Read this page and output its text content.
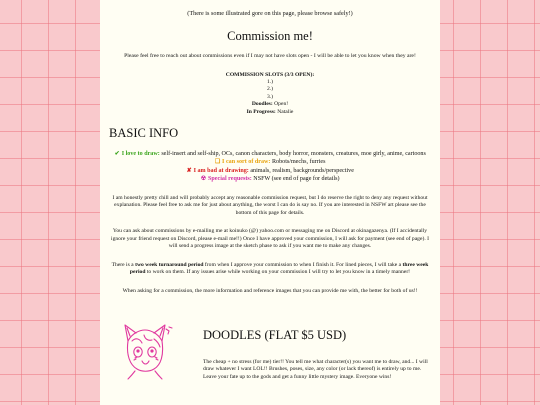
(There is some illustrated gore on this page, please browse safely!)

Commission me!

Please feel free to reach out about commissions even if I may not have slots open - I will be able to let you know when they are!

COMMISSION SLOTS (3/3 OPEN):
1.)
2.)
3.)
Doodles: Open!
In Progress: Natalie
BASIC INFO
✔ I love to draw: self-insert and self-ship, OCs, canon characters, body horror, monsters, creatures, moe girly, anime, cartoons
❑ I can sort of draw: Robots/mechs, furries
✘ I am bad at drawing: animals, realism, backgrounds/perspective
☢ Special requests: NSFW (see end of page for details)

I am honestly pretty chill and will probably accept any reasonable commission request, but I do reserve the right to deny any request without explanation. Please feel free to ask me for just about anything, the worst I can do is say no. If you are interested in NSFW art please see the bottom of this page for details.

You can ask about commissions by e-mailing me at koinuko (@) yahoo.com or messaging me on Discord at okinagazenya. (If I accidentally ignore your friend request on Discord, please e-mail me!!) Once I have approved your commission, I will ask for payment (see end of page). I will send a progress image at the sketch phase to ask if you want me to make any changes.

There is a two week turnaround period from when I approve your commission to when I finish it. For lined pieces, I will take a three week period to work on them. If any issues arise while working on your commission I will try to let you know in a timely manner!

When asking for a commission, the more information and reference images that you can provide me with, the better for both of us!!

DOODLES (FLAT $5 USD)

The cheap + no stress (for me) tier!! You tell me what character(s) you want me to draw, and... I will draw whatever I want LOL!! Brushes, poses, size, any color (or lack thereof) is entirely up to me. Leave your fate up to the gods and get a funny little mystery image. Everyone wins!
